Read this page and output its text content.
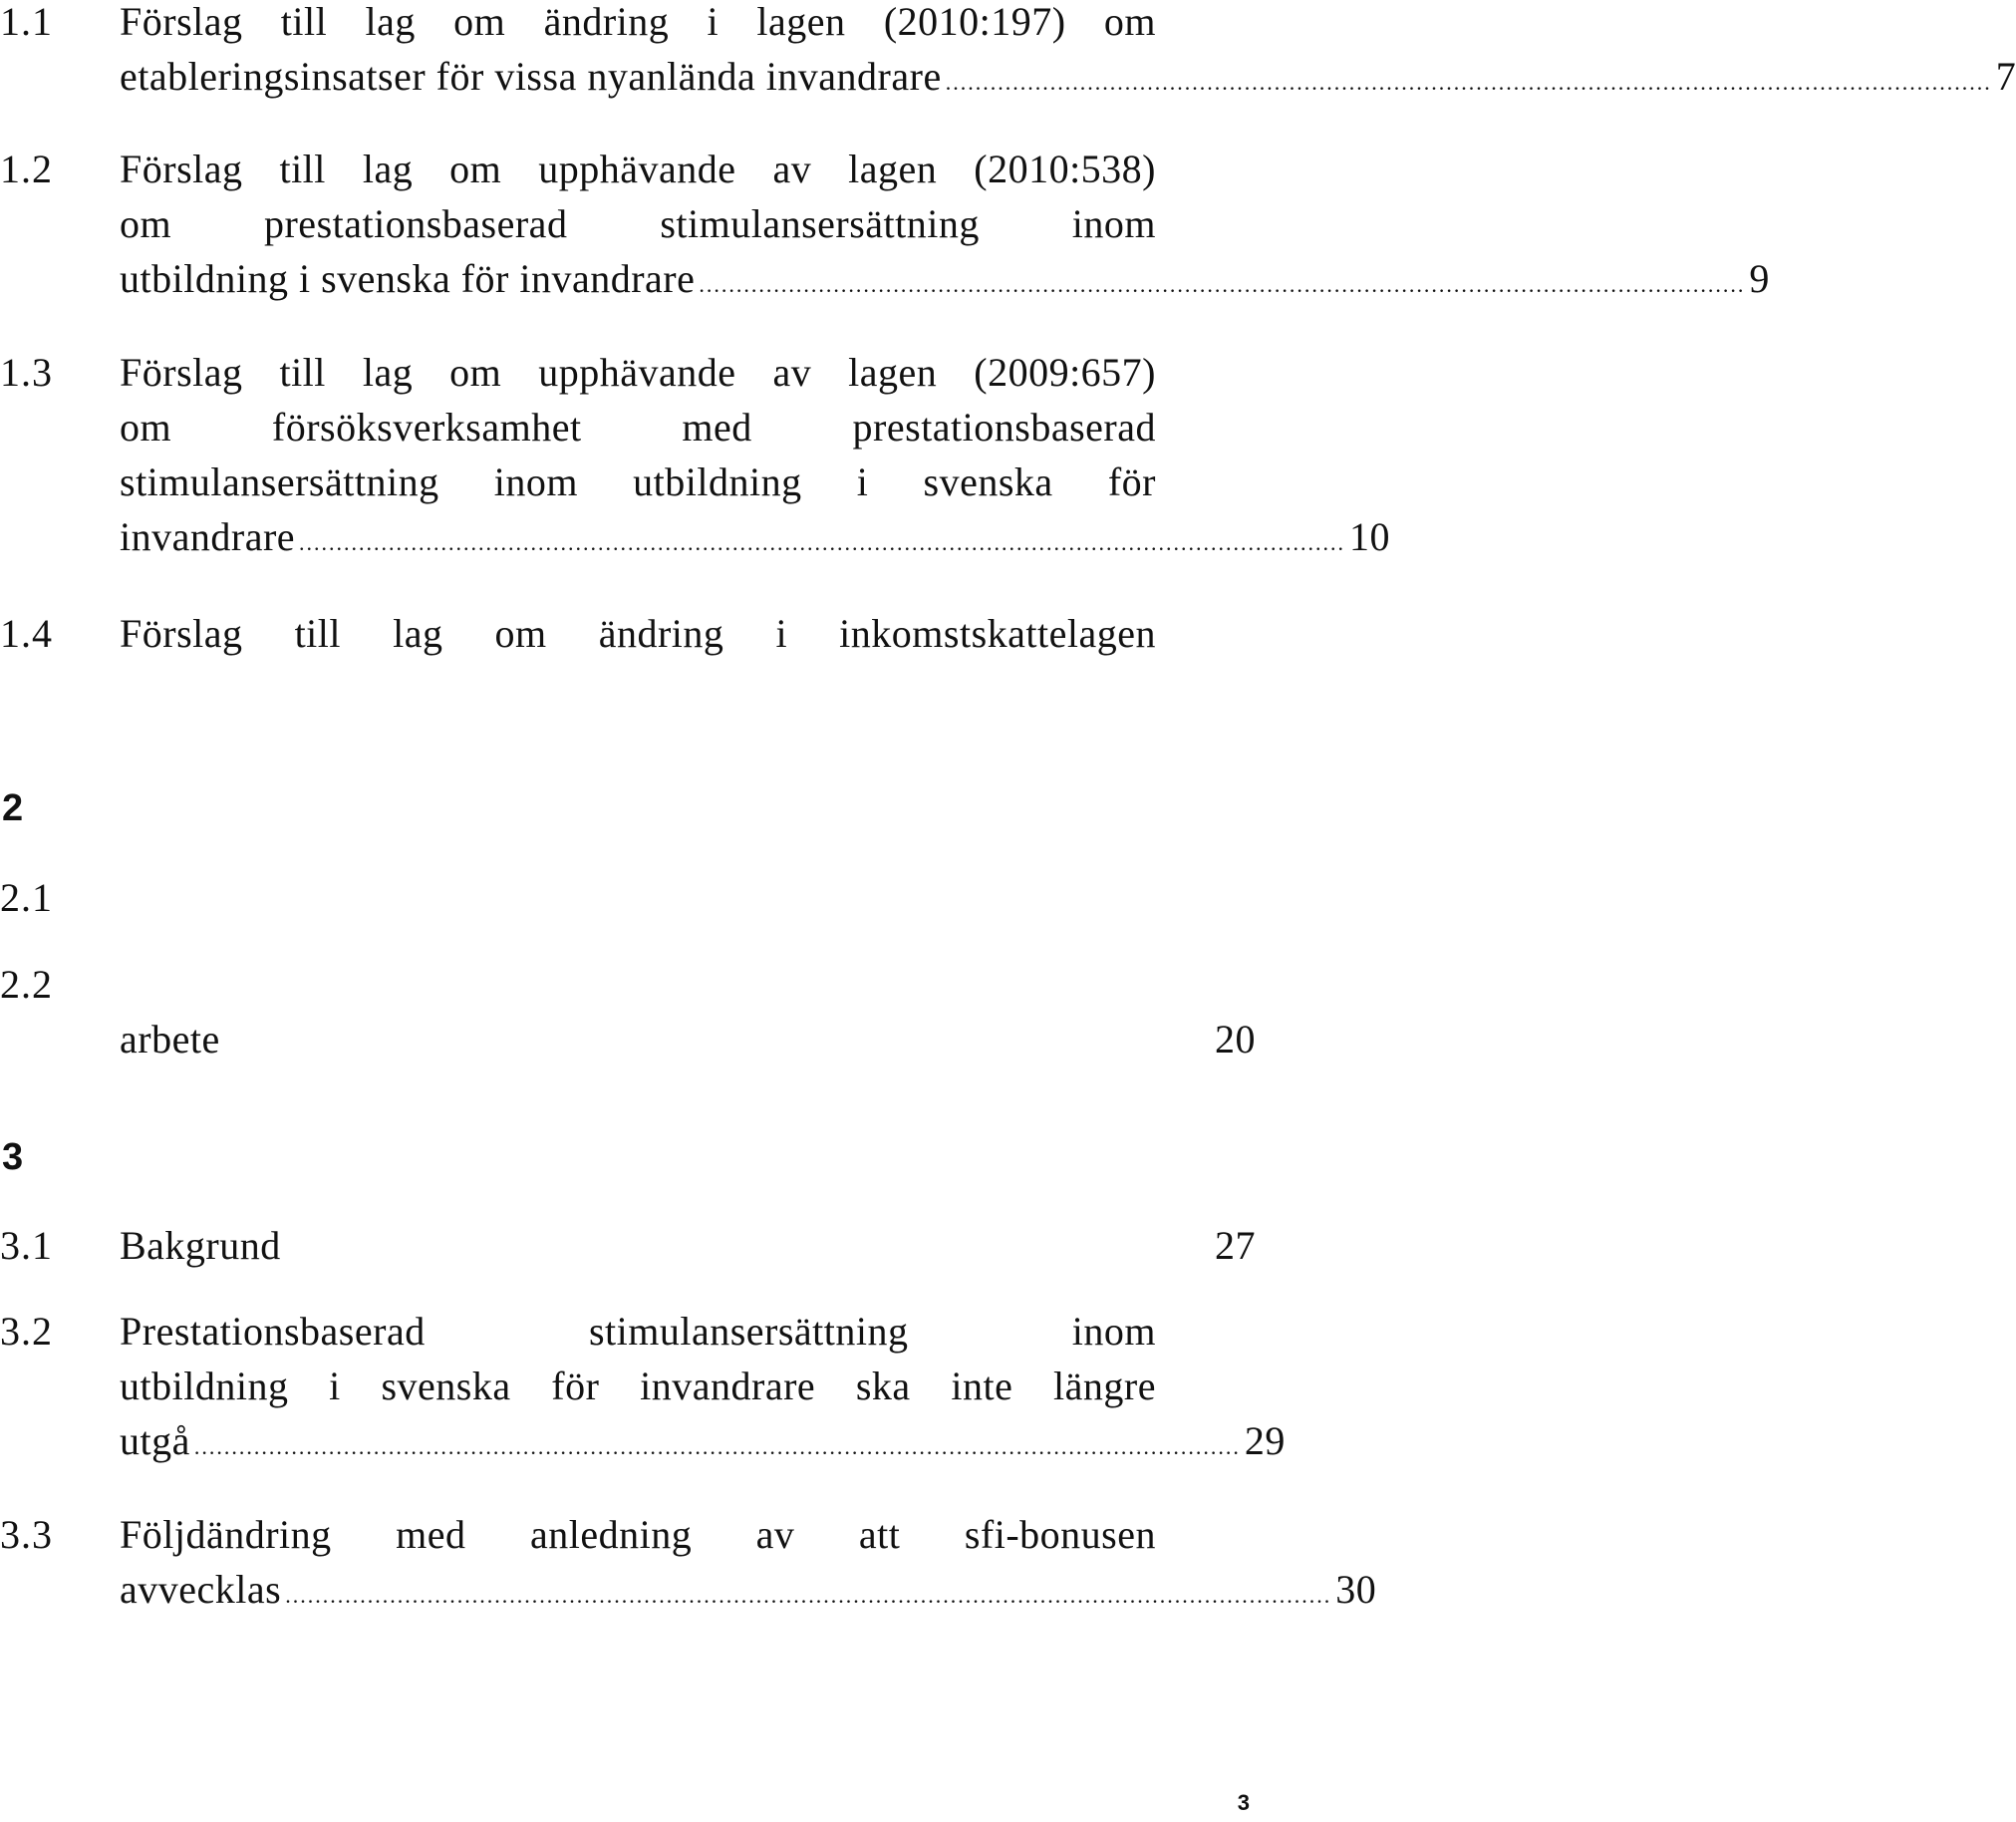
1.1 Förslag till lag om ändring i lagen (2010:197) om
etableringsinsatser för vissa nyanlända invandrare ............................................................................................................................................ 7
1.2 Förslag till lag om upphävande av lagen (2010:538)
om prestationsbaserad stimulansersättning inom
utbildning i svenska för invandrare ............................................................................................................................................ 9
1.3 Förslag till lag om upphävande av lagen (2009:657)
om försöksverksamhet med prestationsbaserad
stimulansersättning inom utbildning i svenska för
invandrare ............................................................................................................................................ 10
1.4 Förslag till lag om ändring i inkomstskattelagen
2
2.1
2.2
arbete	20
3
3.1 Bakgrund	27
3.2 Prestationsbaserad stimulansersättning inom
utbildning i svenska för invandrare ska inte längre
utgå ............................................................................................................................................ 29
3.3 Följdändring med anledning av att sfi-bonusen
avvecklas ............................................................................................................................................ 30
3
